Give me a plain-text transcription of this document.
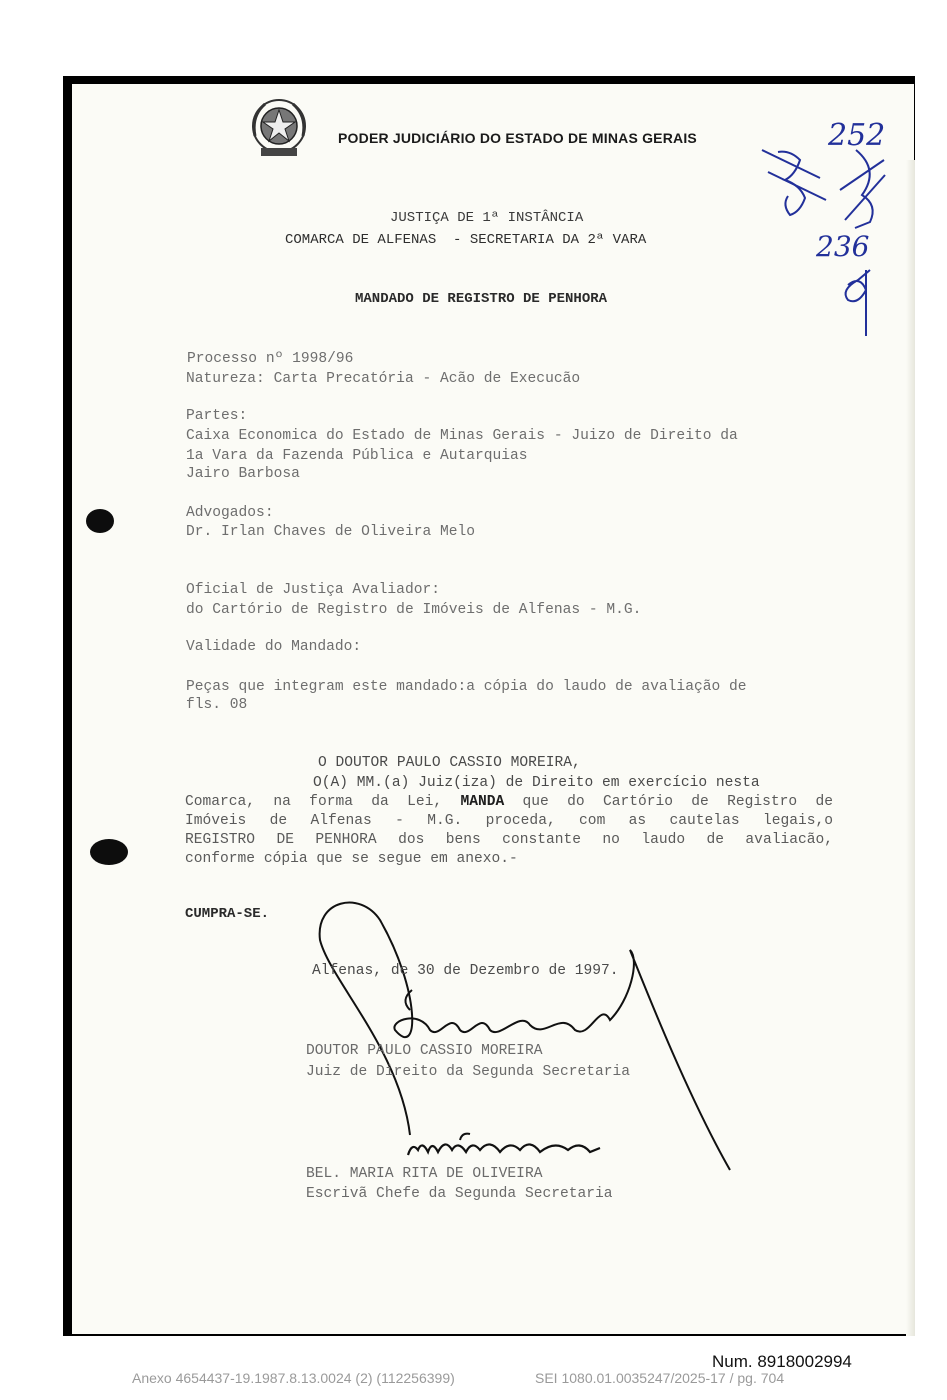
PODER JUDICIÁRIO DO ESTADO DE MINAS GERAIS
JUSTIÇA DE 1ª INSTÂNCIA
COMARCA DE ALFENAS  - SECRETARIA DA 2ª VARA
MANDADO DE REGISTRO DE PENHORA
252
236
Processo nº 1998/96
Natureza: Carta Precatória - Acão de Execucão
Partes:
Caixa Economica do Estado de Minas Gerais - Juizo de Direito da
1a Vara da Fazenda Pública e Autarquias
Jairo Barbosa
Advogados:
Dr. Irlan Chaves de Oliveira Melo
Oficial de Justiça Avaliador:
do Cartório de Registro de Imóveis de Alfenas - M.G.
Validade do Mandado:
Peças que integram este mandado:a cópia do laudo de avaliação de
fls. 08
O DOUTOR PAULO CASSIO MOREIRA,
O(A) MM.(a) Juiz(iza) de Direito em exercício nesta
Comarca, na forma da Lei, MANDA que do Cartório de Registro de
Imóveis de Alfenas - M.G. proceda, com as cautelas legais,o
REGISTRO DE PENHORA dos bens constante no laudo de avaliacão,
conforme cópia que se segue em anexo.-
CUMPRA-SE.
Alfenas, de 30 de Dezembro de 1997.
DOUTOR PAULO CASSIO MOREIRA
Juiz de Direito da Segunda Secretaria
BEL. MARIA RITA DE OLIVEIRA
Escrivã Chefe da Segunda Secretaria
Num. 8918002994
Anexo 4654437-19.1987.8.13.0024 (2) (112256399)	SEI 1080.01.0035247/2025-17 / pg. 704
